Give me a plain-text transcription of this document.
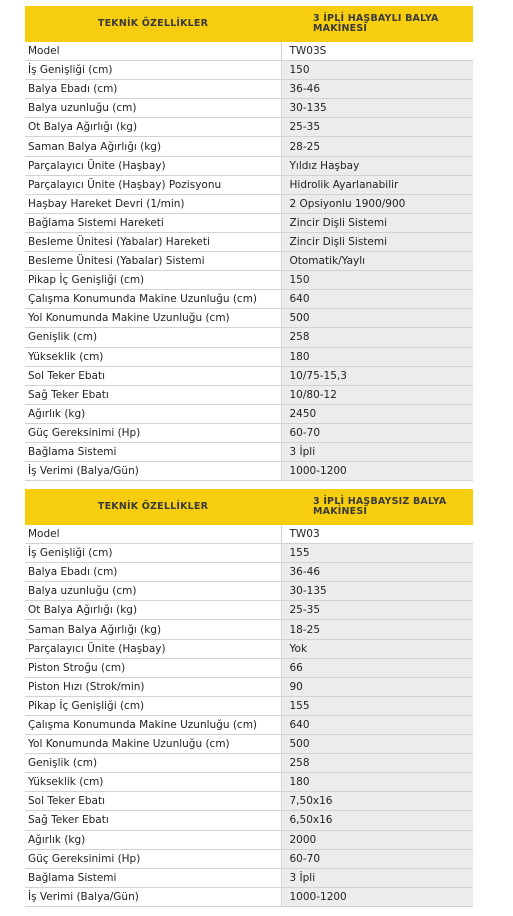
TEKNİK ÖZELLİKLER	3 İPLİ HAŞBAYLI BALYA MAKİNESİ
Model	TW03S
İş Genişliği (cm)	150
Balya Ebadı (cm)	36-46
Balya uzunluğu (cm)	30-135
Ot Balya Ağırlığı (kg)	25-35
Saman Balya Ağırlığı (kg)	28-25
Parçalayıcı Ünite (Haşbay)	Yıldız Haşbay
Parçalayıcı Ünite (Haşbay) Pozisyonu	Hidrolik Ayarlanabilir
Haşbay Hareket Devri (1/min)	2 Opsiyonlu 1900/900
Bağlama Sistemi Hareketi	Zincir Dişli Sistemi
Besleme Ünitesi (Yabalar) Hareketi	Zincir Dişli Sistemi
Besleme Ünitesi (Yabalar) Sistemi	Otomatik/Yaylı
Pikap İç Genişliği (cm)	150
Çalışma Konumunda Makine Uzunluğu (cm)	640
Yol Konumunda Makine Uzunluğu (cm)	500
Genişlik (cm)	258
Yükseklik (cm)	180
Sol Teker Ebatı	10/75-15,3
Sağ Teker Ebatı	10/80-12
Ağırlık (kg)	2450
Güç Gereksinimi (Hp)	60-70
Bağlama Sistemi	3 İpli
İş Verimi (Balya/Gün)	1000-1200
TEKNİK ÖZELLİKLER	3 İPLİ HAŞBAYSIZ BALYA MAKİNESİ
Model	TW03
İş Genişliği (cm)	155
Balya Ebadı (cm)	36-46
Balya uzunluğu (cm)	30-135
Ot Balya Ağırlığı (kg)	25-35
Saman Balya Ağırlığı (kg)	18-25
Parçalayıcı Ünite (Haşbay)	Yok
Piston Stroğu (cm)	66
Piston Hızı (Strok/min)	90
Pikap İç Genişliği (cm)	155
Çalışma Konumunda Makine Uzunluğu (cm)	640
Yol Konumunda Makine Uzunluğu (cm)	500
Genişlik (cm)	258
Yükseklik (cm)	180
Sol Teker Ebatı	7,50x16
Sağ Teker Ebatı	6,50x16
Ağırlık (kg)	2000
Güç Gereksinimi (Hp)	60-70
Bağlama Sistemi	3 İpli
İş Verimi (Balya/Gün)	1000-1200
